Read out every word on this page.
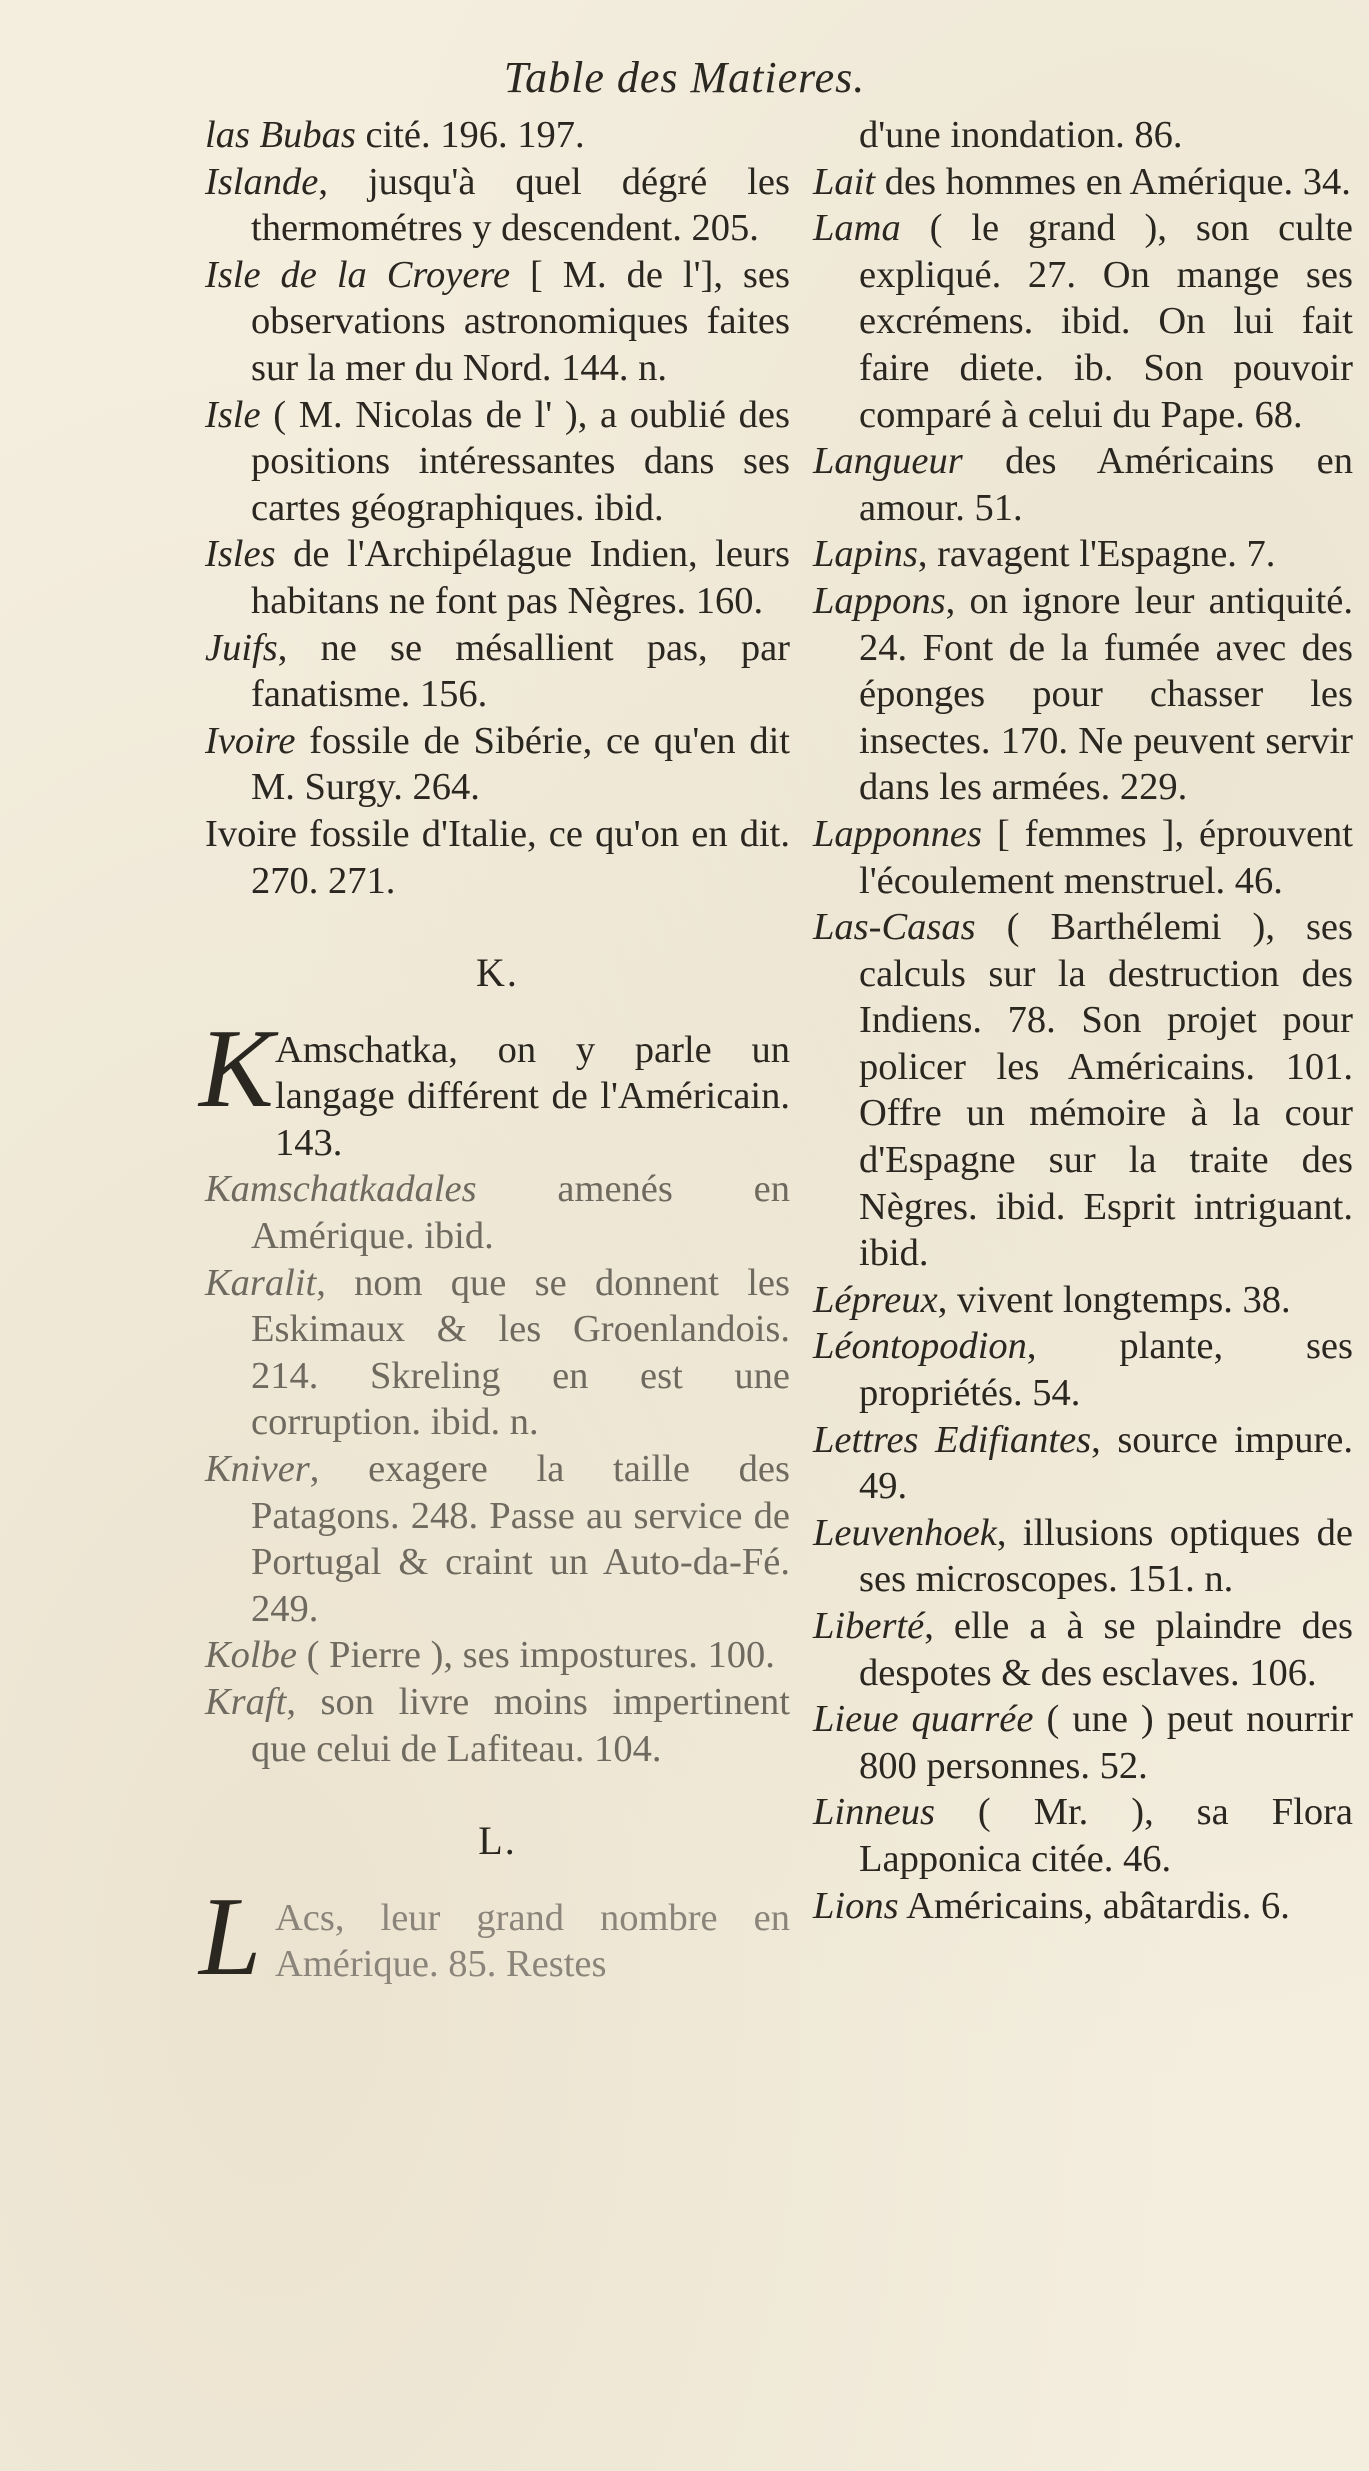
Table des Matieres.

las Bubas cité. 196. 197.

Islande, jusqu'à quel dégré les thermométres y descendent. 205.

Isle de la Croyere [ M. de l'], ses observations astronomiques faites sur la mer du Nord. 144. n.

Isle ( M. Nicolas de l' ), a oublié des positions intéressantes dans ses cartes géographiques. ibid.

Isles de l'Archipélague Indien, leurs habitans ne font pas Nègres. 160.

Juifs, ne se mésallient pas, par fanatisme. 156.

Ivoire fossile de Sibérie, ce qu'en dit M. Surgy. 264.

Ivoire fossile d'Italie, ce qu'on en dit. 270. 271.

K.

K Amschatka, on y parle un langage différent de l'Américain. 143.

Kamschatkadales amenés en Amérique. ibid.

Karalit, nom que se donnent les Eskimaux & les Groenlandois. 214. Skreling en est une corruption. ibid. n.

Kniver, exagere la taille des Patagons. 248. Passe au service de Portugal & craint un Auto-da-Fé. 249.

Kolbe ( Pierre ), ses impostures. 100.

Kraft, son livre moins impertinent que celui de Lafiteau. 104.

L.

L Acs, leur grand nombre en Amérique. 85. Restes

d'une inondation. 86.

Lait des hommes en Amérique. 34.

Lama ( le grand ), son culte expliqué. 27. On mange ses excrémens. ibid. On lui fait faire diete. ib. Son pouvoir comparé à celui du Pape. 68.

Langueur des Américains en amour. 51.

Lapins, ravagent l'Espagne. 7.

Lappons, on ignore leur antiquité. 24. Font de la fumée avec des éponges pour chasser les insectes. 170. Ne peuvent servir dans les armées. 229.

Lapponnes [ femmes ], éprouvent l'écoulement menstruel. 46.

Las-Casas ( Barthélemi ), ses calculs sur la destruction des Indiens. 78. Son projet pour policer les Américains. 101. Offre un mémoire à la cour d'Espagne sur la traite des Nègres. ibid. Esprit intriguant. ibid.

Lépreux, vivent longtemps. 38.

Léontopodion, plante, ses propriétés. 54.

Lettres Edifiantes, source impure. 49.

Leuvenhoek, illusions optiques de ses microscopes. 151. n.

Liberté, elle a à se plaindre des despotes & des esclaves. 106.

Lieue quarrée ( une ) peut nourrir 800 personnes. 52.

Linneus ( Mr. ), sa Flora Lapponica citée. 46.

Lions Américains, abâtardis. 6.
